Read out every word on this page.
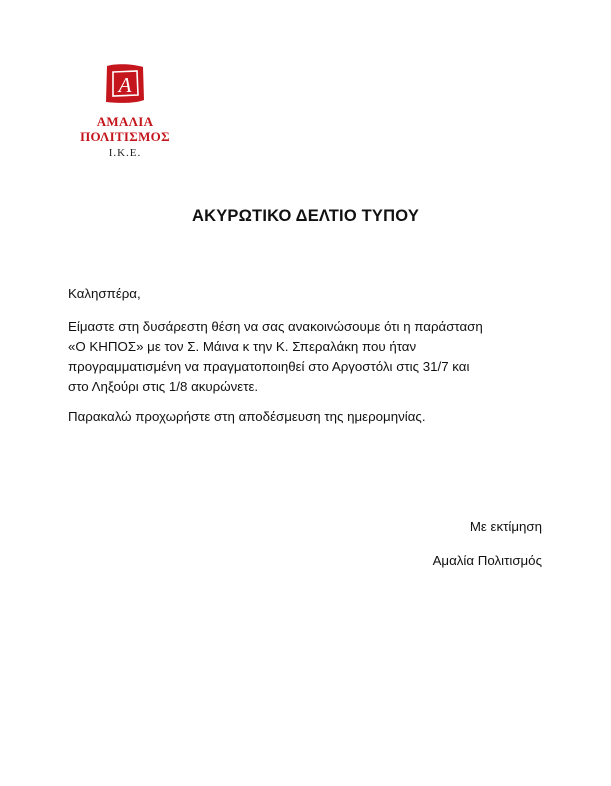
Α
ΑΜΑΛΙΑ
ΠΟΛΙΤΙΣΜΟΣ
Ι.Κ.Ε.
ΑΚΥΡΩΤΙΚΟ ΔΕΛΤΙΟ ΤΥΠΟΥ

Καλησπέρα,

Είμαστε στη δυσάρεστη θέση να σας ανακοινώσουμε ότι η παράσταση

«Ο ΚΗΠΟΣ» με τον Σ. Μάινα κ την Κ. Σπεραλάκη που ήταν

προγραμματισμένη να πραγματοποιηθεί στο Αργοστόλι στις 31/7 και

στο Ληξούρι στις 1/8 ακυρώνετε.

Παρακαλώ προχωρήστε στη αποδέσμευση της ημερομηνίας.

Με εκτίμηση
Αμαλία Πολιτισμός
